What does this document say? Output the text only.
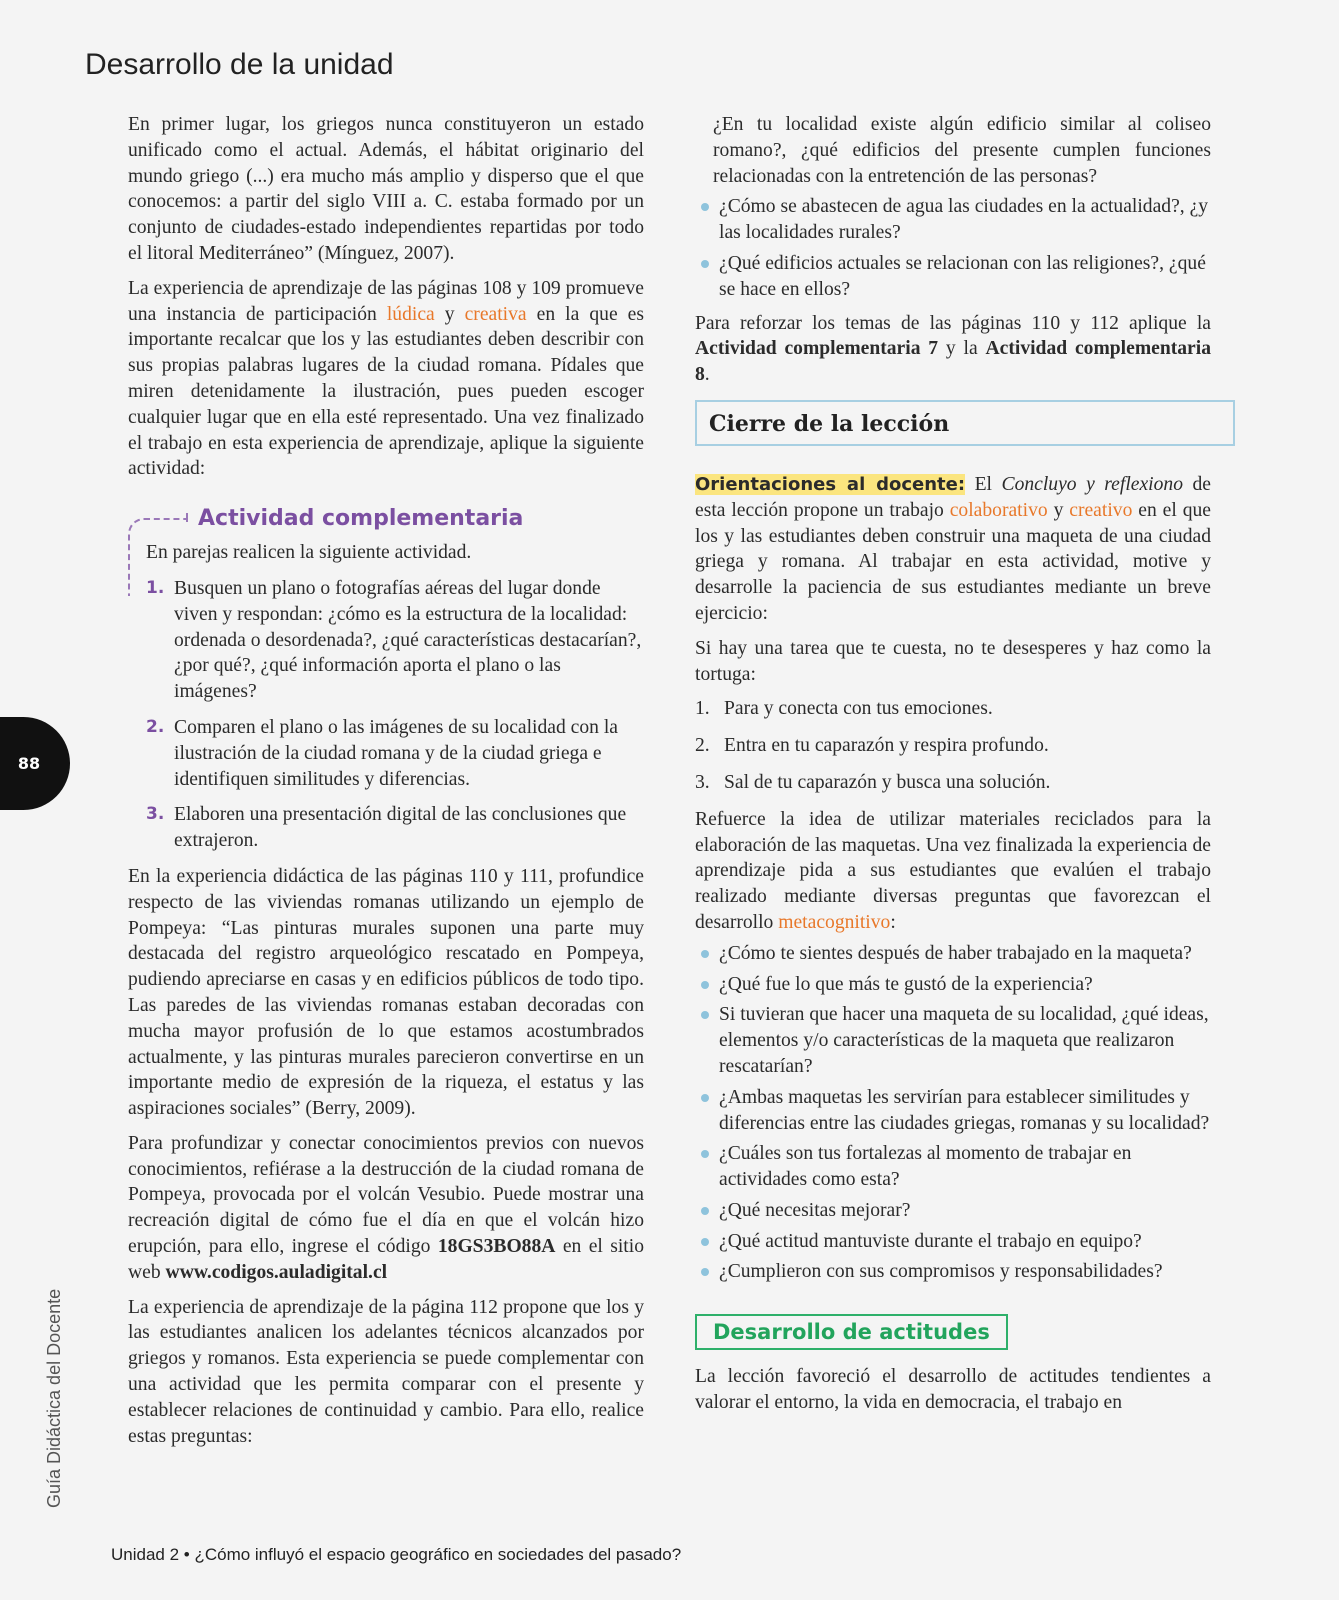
Desarrollo de la unidad

En primer lugar, los griegos nunca constituyeron un estado unificado como el actual. Además, el hábitat originario del mundo griego (...) era mucho más amplio y disperso que el que conocemos: a partir del siglo VIII a. C. estaba formado por un conjunto de ciudades-estado independientes repartidas por todo el litoral Mediterráneo” (Mínguez, 2007).

La experiencia de aprendizaje de las páginas 108 y 109 promueve una instancia de participación lúdica y creativa en la que es importante recalcar que los y las estudiantes deben describir con sus propias palabras lugares de la ciudad romana. Pídales que miren detenidamente la ilustración, pues pueden escoger cualquier lugar que en ella esté representado. Una vez finalizado el trabajo en esta experiencia de aprendizaje, aplique la siguiente actividad:

Actividad complementaria
En parejas realicen la siguiente actividad.
1. Busquen un plano o fotografías aéreas del lugar donde viven y respondan: ¿cómo es la estructura de la localidad: ordenada o desordenada?, ¿qué características destacarían?, ¿por qué?, ¿qué información aporta el plano o las imágenes?
2. Comparen el plano o las imágenes de su localidad con la ilustración de la ciudad romana y de la ciudad griega e identifiquen similitudes y diferencias.
3. Elaboren una presentación digital de las conclusiones que extrajeron.

En la experiencia didáctica de las páginas 110 y 111, profundice respecto de las viviendas romanas utilizando un ejemplo de Pompeya: “Las pinturas murales suponen una parte muy destacada del registro arqueológico rescatado en Pompeya, pudiendo apreciarse en casas y en edificios públicos de todo tipo. Las paredes de las viviendas romanas estaban decoradas con mucha mayor profusión de lo que estamos acostumbrados actualmente, y las pinturas murales parecieron convertirse en un importante medio de expresión de la riqueza, el estatus y las aspiraciones sociales” (Berry, 2009).

Para profundizar y conectar conocimientos previos con nuevos conocimientos, refiérase a la destrucción de la ciudad romana de Pompeya, provocada por el volcán Vesubio. Puede mostrar una recreación digital de cómo fue el día en que el volcán hizo erupción, para ello, ingrese el código 18GS3BO88A en el sitio web www.codigos.auladigital.cl

La experiencia de aprendizaje de la página 112 propone que los y las estudiantes analicen los adelantes técnicos alcanzados por griegos y romanos. Esta experiencia se puede complementar con una actividad que les permita comparar con el presente y establecer relaciones de continuidad y cambio. Para ello, realice estas preguntas:

¿En tu localidad existe algún edificio similar al coliseo romano?, ¿qué edificios del presente cumplen funciones relacionadas con la entretención de las personas?

¿Cómo se abastecen de agua las ciudades en la actualidad?, ¿y las localidades rurales?
¿Qué edificios actuales se relacionan con las religiones?, ¿qué se hace en ellos?

Para reforzar los temas de las páginas 110 y 112 aplique la Actividad complementaria 7 y la Actividad complementaria 8.

Cierre de la lección

Orientaciones al docente: El Concluyo y reflexiono de esta lección propone un trabajo colaborativo y creativo en el que los y las estudiantes deben construir una maqueta de una ciudad griega y romana. Al trabajar en esta actividad, motive y desarrolle la paciencia de sus estudiantes mediante un breve ejercicio:

Si hay una tarea que te cuesta, no te desesperes y haz como la tortuga:

1. Para y conecta con tus emociones.
2. Entra en tu caparazón y respira profundo.
3. Sal de tu caparazón y busca una solución.

Refuerce la idea de utilizar materiales reciclados para la elaboración de las maquetas. Una vez finalizada la experiencia de aprendizaje pida a sus estudiantes que evalúen el trabajo realizado mediante diversas preguntas que favorezcan el desarrollo metacognitivo:

¿Cómo te sientes después de haber trabajado en la maqueta?
¿Qué fue lo que más te gustó de la experiencia?
Si tuvieran que hacer una maqueta de su localidad, ¿qué ideas, elementos y/o características de la maqueta que realizaron rescatarían?
¿Ambas maquetas les servirían para establecer similitudes y diferencias entre las ciudades griegas, romanas y su localidad?
¿Cuáles son tus fortalezas al momento de trabajar en actividades como esta?
¿Qué necesitas mejorar?
¿Qué actitud mantuviste durante el trabajo en equipo?
¿Cumplieron con sus compromisos y responsabilidades?
Desarrollo de actitudes

La lección favoreció el desarrollo de actitudes tendientes a valorar el entorno, la vida en democracia, el trabajo en

88
Guía Didáctica del Docente
Unidad 2 • ¿Cómo influyó el espacio geográfico en sociedades del pasado?
